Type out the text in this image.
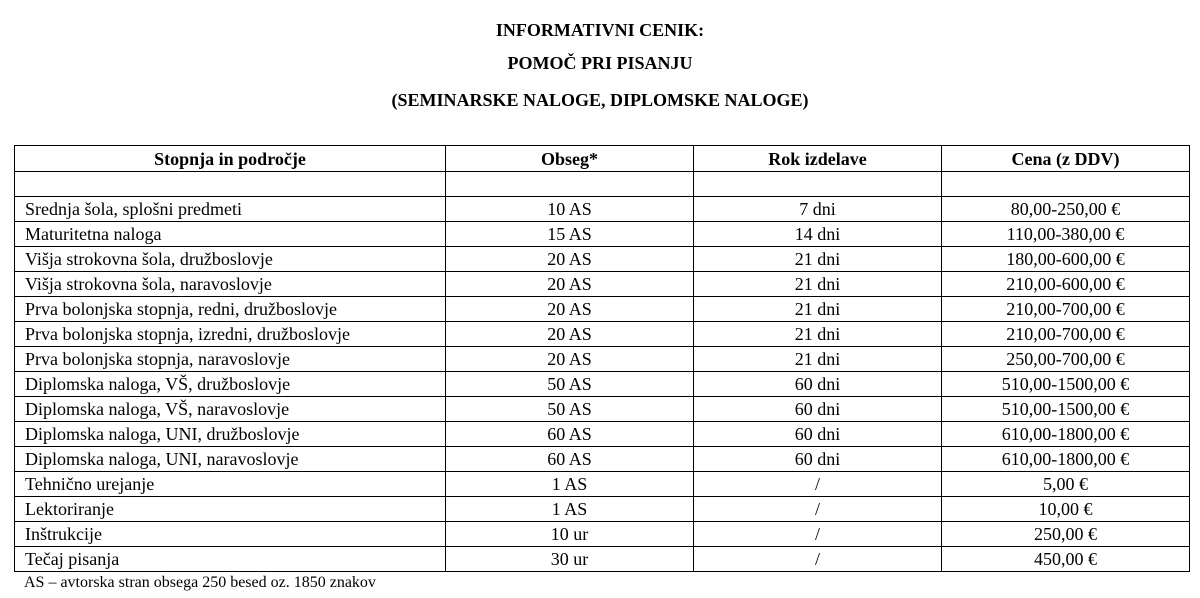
INFORMATIVNI CENIK:
POMOČ PRI PISANJU
(SEMINARSKE NALOGE, DIPLOMSKE NALOGE)
Stopnja in področje	Obseg*	Rok izdelave	Cena (z DDV)

Srednja šola, splošni predmeti	10 AS	7 dni	80,00-250,00 €
Maturitetna naloga	15 AS	14 dni	110,00-380,00 €
Višja strokovna šola, družboslovje	20 AS	21 dni	180,00-600,00 €
Višja strokovna šola, naravoslovje	20 AS	21 dni	210,00-600,00 €
Prva bolonjska stopnja, redni, družboslovje	20 AS	21 dni	210,00-700,00 €
Prva bolonjska stopnja, izredni, družboslovje	20 AS	21 dni	210,00-700,00 €
Prva bolonjska stopnja, naravoslovje	20 AS	21 dni	250,00-700,00 €
Diplomska naloga, VŠ, družboslovje	50 AS	60 dni	510,00-1500,00 €
Diplomska naloga, VŠ, naravoslovje	50 AS	60 dni	510,00-1500,00 €
Diplomska naloga, UNI, družboslovje	60 AS	60 dni	610,00-1800,00 €
Diplomska naloga, UNI, naravoslovje	60 AS	60 dni	610,00-1800,00 €
Tehnično urejanje	1 AS	/	5,00 €
Lektoriranje	1 AS	/	10,00 €
Inštrukcije	10 ur	/	250,00 €
Tečaj pisanja	30 ur	/	450,00 €
AS – avtorska stran obsega 250 besed oz. 1850 znakov
